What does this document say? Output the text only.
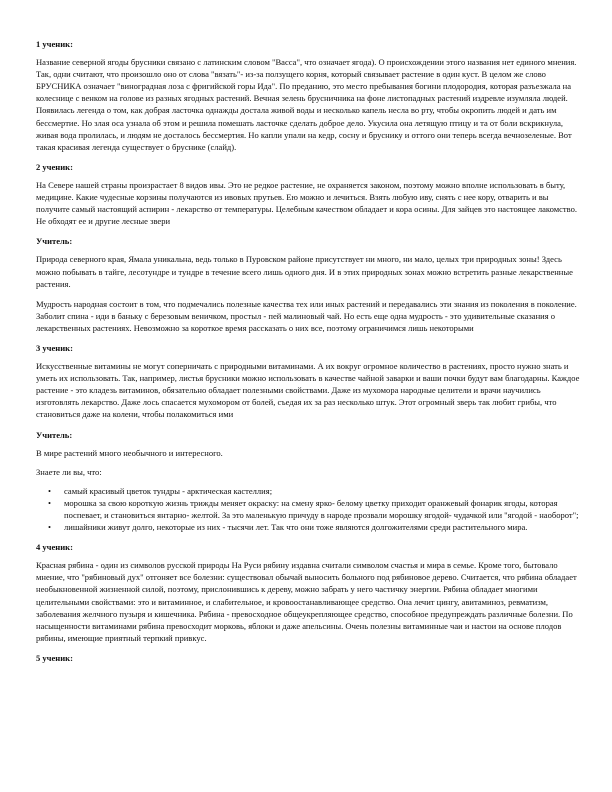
1 ученик:
Название северной ягоды брусники связано с латинским словом "Васса", что означает ягода). О происхождении этого названия нет единого мнения. Так, одни считают, что произошло оно от слова "вязать"- из-за ползущего корня, который связывает растение в один куст. В целом же слово БРУСНИКА означает "виноградная лоза с фригийской горы Ида". По преданию, это место пребывания богини плодородия, которая разъезжала на колеснице с венком на голове из разных ягодных растений. Вечная зелень брусничника на фоне листопадных растений издревле изумляла людей. Появилась легенда о том, как добрая ласточка однажды достала живой воды и несколько капель несла во рту, чтобы окропить людей и дать им бессмертие. Но злая оса узнала об этом и решила помешать ласточке сделать доброе дело. Укусила она летящую птицу и та от боли вскрикнула, живая вода пролилась, и людям не досталось бессмертия. Но капли упали на кедр, сосну и бруснику и оттого они теперь всегда вечнозеленые. Вот такая красивая легенда существует о бруснике (слайд).
2 ученик:
На Севере нашей страны произрастает 8 видов ивы. Это не редкое растение, не охраняется законом, поэтому можно вполне использовать в быту, медицине. Какие чудесные корзины получаются из ивовых прутьев. Ею можно и лечиться. Взять любую иву, снять с нее кору, отварить и вы получите самый настоящий аспирин - лекарство от температуры. Целебным качеством обладает и кора осины. Для зайцев это настоящее лакомство. Не обходят ее и другие лесные звери
Учитель:
Природа северного края, Ямала уникальна, ведь только в Пуровском районе присутствует ни много, ни мало, целых три природных зоны! Здесь можно побывать в тайге, лесотундре и тундре в течение всего лишь одного дня. И в этих природных зонах можно встретить разные лекарственные растения.
Мудрость народная состоит в том, что подмечались полезные качества тех или иных растений и передавались эти знания из поколения в поколение. Заболит спина - иди в баньку с березовым веничком, простыл - пей малиновый чай. Но есть еще одна мудрость - это удивительные сказания о лекарственных растениях. Невозможно за короткое время рассказать о них все, поэтому ограничимся лишь некоторыми
3 ученик:
Искусственные витамины не могут соперничать с природными витаминами. А их вокруг огромное количество в растениях, просто нужно знать и уметь их использовать. Так, например, листья брусники можно использовать в качестве чайной заварки и ваши почки будут вам благодарны. Каждое растение - это кладезь витаминов, обязательно обладает полезными свойствами. Даже из мухомора народные целители и врачи научились изготовлять лекарство. Даже лось спасается мухомором от болей, съедая их за раз несколько штук. Этот огромный зверь так любит грибы, что становиться даже на колени, чтобы полакомиться ими
Учитель:
В мире растений много необычного и интересного.
Знаете ли вы, что:
• самый красивый цветок тундры - арктическая кастеллия;
• морошка за свою короткую жизнь трижды меняет окраску: на смену ярко- белому цветку приходит оранжевый фонарик ягоды, которая поспевает, и становиться янтарно- желтой. За это маленькую причуду в народе прозвали морошку ягодой- чудачкой или "ягодой - наоборот";
• лишайники живут долго, некоторые из них - тысячи лет. Так что они тоже являются долгожителями среди растительного мира.
4 ученик:
Красная рябина - один из символов русской природы На Руси рябину издавна считали символом счастья и мира в семье. Кроме того, бытовало мнение, что "рябиновый дух" отгоняет все болезни: существовал обычай выносить больного под рябиновое дерево. Считается, что рябина обладает необыкновенной жизненной силой, поэтому, прислонившись к дереву, можно забрать у него частичку энергии. Рябина обладает многими целительными свойствами: это и витаминное, и слабительное, и кровоостанавливающее средство. Она лечит цингу, авитаминоз, ревматизм, заболевания желчного пузыря и кишечника. Рябина - превосходное общеукрепляющее средство, способное предупреждать различные болезни. По насыщенности витаминами рябина превосходит морковь, яблоки и даже апельсины. Очень полезны витаминные чаи и настои на основе плодов рябины, имеющие приятный терпкий привкус.
5 ученик:
